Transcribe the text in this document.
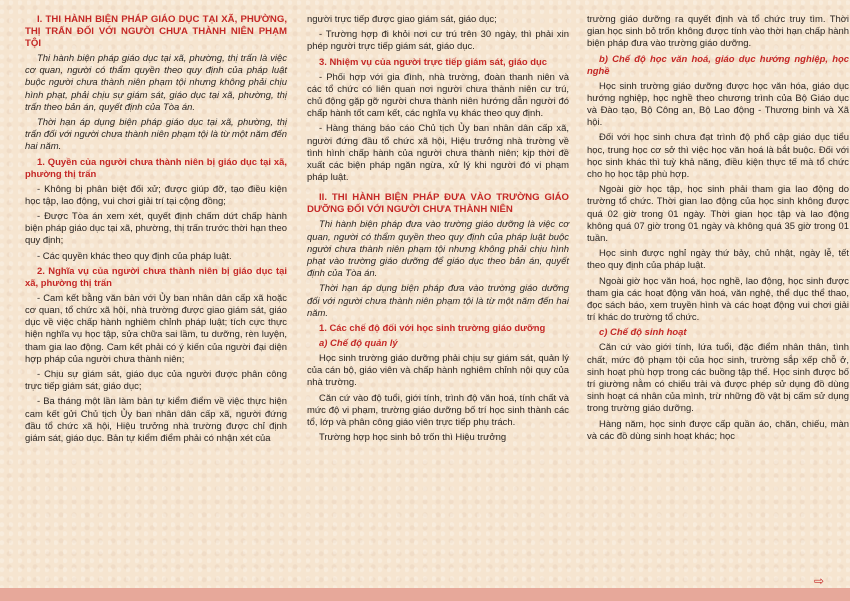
I. THI HÀNH BIỆN PHÁP GIÁO DỤC TẠI XÃ, PHƯỜNG, THỊ TRẤN ĐỐI VỚI NGƯỜI CHƯA THÀNH NIÊN PHẠM TỘI

Thi hành biện pháp giáo dục tại xã, phường, thị trấn là việc cơ quan, người có thẩm quyền theo quy định của pháp luật buộc người chưa thành niên phạm tội nhưng không phải chịu hình phạt, phải chịu sự giám sát, giáo dục tại xã, phường, thị trấn theo bản án, quyết định của Tòa án.

Thời hạn áp dụng biện pháp giáo dục tại xã, phường, thị trấn đối với người chưa thành niên phạm tội là từ một năm đến hai năm.

1. Quyền của người chưa thành niên bị giáo dục tại xã, phường thị trấn

- Không bị phân biệt đối xử; được giúp đỡ, tạo điều kiện học tập, lao động, vui chơi giải trí tại cộng đồng;

- Được Tòa án xem xét, quyết định chấm dứt chấp hành biện pháp giáo dục tại xã, phường, thị trấn trước thời hạn theo quy định;

- Các quyền khác theo quy định của pháp luật.

2. Nghĩa vụ của người chưa thành niên bị giáo dục tại xã, phường thị trấn

- Cam kết bằng văn bản với Ủy ban nhân dân cấp xã hoặc cơ quan, tổ chức xã hội, nhà trường được giao giám sát, giáo dục về việc chấp hành nghiêm chỉnh pháp luật; tích cực thực hiện nghĩa vụ học tập, sửa chữa sai lầm, tu dưỡng, rèn luyện, tham gia lao động. Cam kết phải có ý kiến của người đại diện hợp pháp của người chưa thành niên;

- Chịu sự giám sát, giáo dục của người được phân công trực tiếp giám sát, giáo dục;

- Ba tháng một lần làm bản tự kiểm điểm về việc thực hiện cam kết gửi Chủ tịch Ủy ban nhân dân cấp xã, người đứng đầu tổ chức xã hội, Hiệu trưởng nhà trường được chỉ định giám sát, giáo dục. Bản tự kiểm điểm phải có nhận xét của

người trực tiếp được giao giám sát, giáo dục;

- Trường hợp đi khỏi nơi cư trú trên 30 ngày, thì phải xin phép người trực tiếp giám sát, giáo dục.

3. Nhiệm vụ của người trực tiếp giám sát, giáo dục

- Phối hợp với gia đình, nhà trường, đoàn thanh niên và các tổ chức có liên quan nơi người chưa thành niên cư trú, chủ động gặp gỡ người chưa thành niên hướng dẫn người đó chấp hành tốt cam kết, các nghĩa vụ khác theo quy định.

- Hàng tháng báo cáo Chủ tịch Ủy ban nhân dân cấp xã, người đứng đầu tổ chức xã hội, Hiệu trưởng nhà trường về tình hình chấp hành của người chưa thành niên; kịp thời đề xuất các biện pháp ngăn ngừa, xử lý khi người đó vi phạm pháp luật.

II. THI HÀNH BIỆN PHÁP ĐƯA VÀO TRƯỜNG GIÁO DƯỠNG ĐỐI VỚI NGƯỜI CHƯA THÀNH NIÊN

Thi hành biện pháp đưa vào trường giáo dưỡng là việc cơ quan, người có thẩm quyền theo quy định của pháp luật buộc người chưa thành niên phạm tội nhưng không phải chịu hình phạt vào trường giáo dưỡng để giáo dục theo bản án, quyết định của Tòa án.

Thời hạn áp dụng biện pháp đưa vào trường giáo dưỡng đối với người chưa thành niên phạm tội là từ một năm đến hai năm.

1. Các chế độ đối với học sinh trường giáo dưỡng

a) Chế độ quản lý

Học sinh trường giáo dưỡng phải chịu sự giám sát, quản lý của cán bộ, giáo viên và chấp hành nghiêm chỉnh nội quy của nhà trường.

Căn cứ vào độ tuổi, giới tính, trình độ văn hoá, tính chất và mức độ vi phạm, trường giáo dưỡng bố trí học sinh thành các tổ, lớp và phân công giáo viên trực tiếp phụ trách.

Trường hợp học sinh bỏ trốn thì Hiệu trưởng

trường giáo dưỡng ra quyết định và tổ chức truy tìm. Thời gian học sinh bỏ trốn không được tính vào thời hạn chấp hành biện pháp đưa vào trường giáo dưỡng.

b) Chế độ học văn hoá, giáo dục hướng nghiệp, học nghề

Học sinh trường giáo dưỡng được học văn hóa, giáo dục hướng nghiệp, học nghề theo chương trình của Bộ Giáo dục và Đào tạo, Bộ Công an, Bộ Lao động - Thương binh và Xã hội.

Đối với học sinh chưa đạt trình độ phổ cập giáo dục tiểu học, trung học cơ sở thì việc học văn hoá là bắt buộc. Đối với học sinh khác thì tuỳ khả năng, điều kiện thực tế mà tổ chức cho họ học tập phù hợp.

Ngoài giờ học tập, học sinh phải tham gia lao động do trường tổ chức. Thời gian lao động của học sinh không được quá 02 giờ trong 01 ngày. Thời gian học tập và lao động không quá 07 giờ trong 01 ngày và không quá 35 giờ trong 01 tuần.

Học sinh được nghỉ ngày thứ bảy, chủ nhật, ngày lễ, tết theo quy định của pháp luật.

Ngoài giờ học văn hoá, học nghề, lao động, học sinh được tham gia các hoạt động văn hoá, văn nghệ, thể dục thể thao, đọc sách báo, xem truyền hình và các hoạt động vui chơi giải trí khác do trường tổ chức.

c) Chế độ sinh hoạt

Căn cứ vào giới tính, lứa tuổi, đặc điểm nhân thân, tình chất, mức độ phạm tội của học sinh, trường sắp xếp chỗ ở, sinh hoạt phù hợp trong các buồng tập thể. Học sinh được bố trí giường nằm có chiếu trải và được phép sử dụng đồ dùng sinh hoạt cá nhân của mình, trừ những đồ vật bị cấm sử dụng trong trường giáo dưỡng.

Hàng năm, học sinh được cấp quần áo, chăn, chiếu, màn và các đồ dùng sinh hoạt khác; học

⇨
